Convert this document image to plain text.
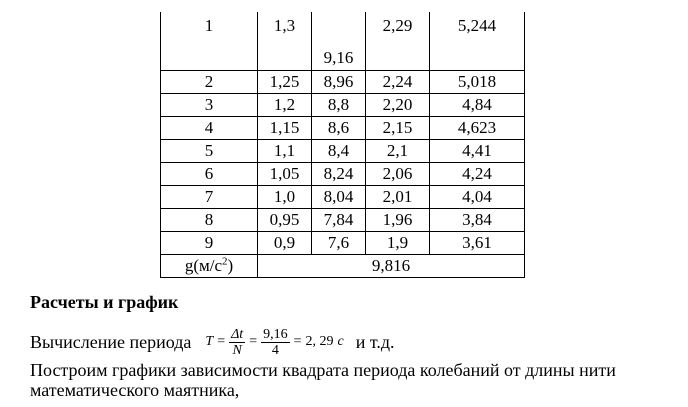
1	1,3	9,16	2,29	5,244
2	1,25	8,96	2,24	5,018
3	1,2	8,8	2,20	4,84
4	1,15	8,6	2,15	4,623
5	1,1	8,4	2,1	4,41
6	1,05	8,24	2,06	4,24
7	1,0	8,04	2,01	4,04
8	0,95	7,84	1,96	3,84
9	0,9	7,6	1,9	3,61
$g(м/с^2)$	9,816			
Расчеты и график
Вычисление периода $T = \frac{\Delta t}{N} = \frac{9,16}{4} = 2$, 29 с и т.д.
Построим графики зависимости квадрата периода колебаний от длины нити математического маятника,
